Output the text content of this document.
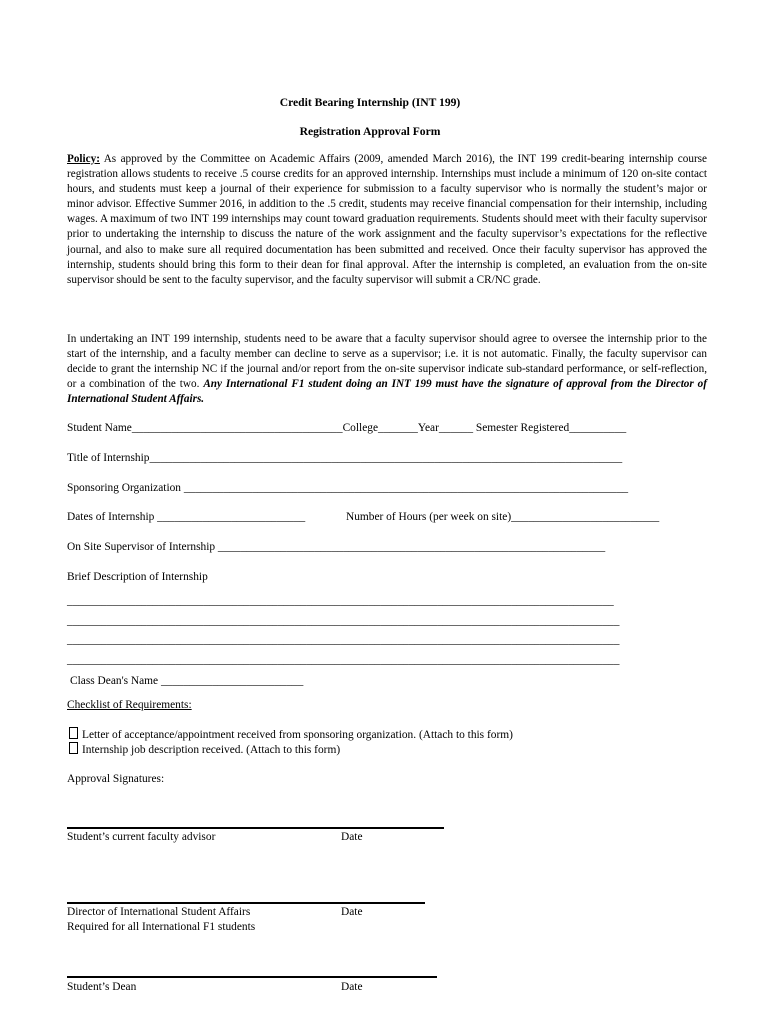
Credit Bearing Internship (INT 199)
Registration Approval Form
Policy: As approved by the Committee on Academic Affairs (2009, amended March 2016), the INT 199 credit-bearing internship course registration allows students to receive .5 course credits for an approved internship. Internships must include a minimum of 120 on-site contact hours, and students must keep a journal of their experience for submission to a faculty supervisor who is normally the student’s major or minor advisor. Effective Summer 2016, in addition to the .5 credit, students may receive financial compensation for their internship, including wages. A maximum of two INT 199 internships may count toward graduation requirements. Students should meet with their faculty supervisor prior to undertaking the internship to discuss the nature of the work assignment and the faculty supervisor’s expectations for the reflective journal, and also to make sure all required documentation has been submitted and received. Once their faculty supervisor has approved the internship, students should bring this form to their dean for final approval. After the internship is completed, an evaluation from the on-site supervisor should be sent to the faculty supervisor, and the faculty supervisor will submit a CR/NC grade.
In undertaking an INT 199 internship, students need to be aware that a faculty supervisor should agree to oversee the internship prior to the start of the internship, and a faculty member can decline to serve as a supervisor; i.e. it is not automatic. Finally, the faculty supervisor can decide to grant the internship NC if the journal and/or report from the on-site supervisor indicate sub-standard performance, or self-reflection, or a combination of the two. Any International F1 student doing an INT 199 must have the signature of approval from the Director of International Student Affairs.
Student Name_____________________________________College_______Year______ Semester Registered__________
Title of Internship___________________________________________________________________________________
Sponsoring Organization ______________________________________________________________________________
Dates of Internship __________________________	Number of Hours (per week on site)__________________________
On Site Supervisor of Internship ____________________________________________________________________
Brief Description of Internship
________________________________________________________________________________________________
_________________________________________________________________________________________________
_________________________________________________________________________________________________
_________________________________________________________________________________________________
Class Dean's Name _________________________
Checklist of Requirements:
Letter of acceptance/appointment received from sponsoring organization. (Attach to this form)
Internship job description received. (Attach to this form)
Approval Signatures:
Student’s current faculty advisor	Date
Director of International Student Affairs	Date
Required for all International F1 students
Student’s Dean	Date
